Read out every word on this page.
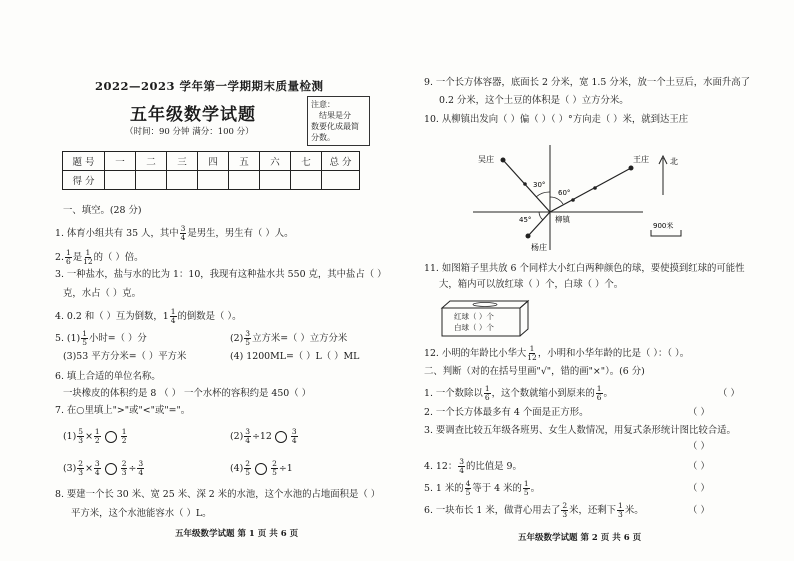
2022—2023 学年第一学期期末质量检测
五年级数学试题
（时间：90 分钟 满分：100 分）
注意：
结果是分
数要化成最简
分数。
题 号	一	二	三	四	五	六	七	总 分
得 分								
一、填空。(28 分)
1. 体育小组共有 35 人，其中 $\frac{3}{4}$ 是男生，男生有（ ）人。
2. $\frac{1}{6}$ 是 $\frac{1}{12}$ 的（ ）倍。
3. 一种盐水，盐与水的比为 1：10，我现有这种盐水共 550 克，其中盐占（ ）
克，水占（ ）克。
4. 0.2 和（ ）互为倒数，$1 \frac{1}{4}$ 的倒数是（ ）。
5. $(1) \frac{1}{5}$ 小时=（ ）分	$(2) \frac{3}{5}$ 立方米=（ ）立方分米
(3)53 平方分米=（ ）平方米	(4) 1200ML=（ ）L（ ）ML
6. 填上合适的单位名称。
一块橡皮的体积约是 8 （ ） 一个水杯的容积约是 450（ ）
7. 在○里填上">"或"<"或"="。
$(1) \frac{5}{3} \times \frac{1}{2}$	$\frac{1}{2}$	$(2) \frac{3}{4} \div 12$	$\frac{3}{4}$
$(3) \frac{2}{3} \times \frac{3}{4}$	$\frac{2}{3} \div \frac{3}{4}$	$(4) \frac{2}{5}$	$\frac{2}{5} \div 1$
8. 要建一个长 30 米、宽 25 米、深 2 米的水池，这个水池的占地面积是（ ）
平方米，这个水池能容水（ ）L。
五年级数学试题 第 1 页 共 6 页
9. 一个长方体容器，底面长 2 分米，宽 1.5 分米，放一个土豆后，水面升高了
0.2 分米，这个土豆的体积是（ ）立方分米。
10. 从柳镇出发向（ ）偏（ ）（ ）°方向走（ ）米，就到达王庄
吴庄	王庄
柳镇
杨庄
北
30°
60°
45°
900米
11. 如图箱子里共放 6 个同样大小红白两种颜色的球，要使摸到红球的可能性
大，箱内可以放红球（ ）个，白球（ ）个。
红球（ ）个
白球（ ）个
12. 小明的年龄比小华大 $\frac{1}{12}$ ，小明和小华年龄的比是（ ）：（ ）。
二、判断（对的在括号里画"√"，错的画"×"）。(6 分)
1. 一个数除以 $\frac{1}{6}$ ，这个数就缩小到原来的 $\frac{1}{6}$ 。	（ ）
2. 一个长方体最多有 4 个面是正方形。	（ ）
3. 要调查比较五年级各班男、女生人数情况，用复式条形统计图比较合适。
（ ）
4. 12： $\frac{3}{4}$ 的比值是 9。	（ ）
5. 1 米的 $\frac{4}{5}$ 等于 4 米的 $\frac{1}{5}$ 。	（ ）
6. 一块布长 1 米，做背心用去了 $\frac{2}{3}$ 米，还剩下 $\frac{1}{3}$ 米。	（ ）
五年级数学试题 第 2 页 共 6 页
